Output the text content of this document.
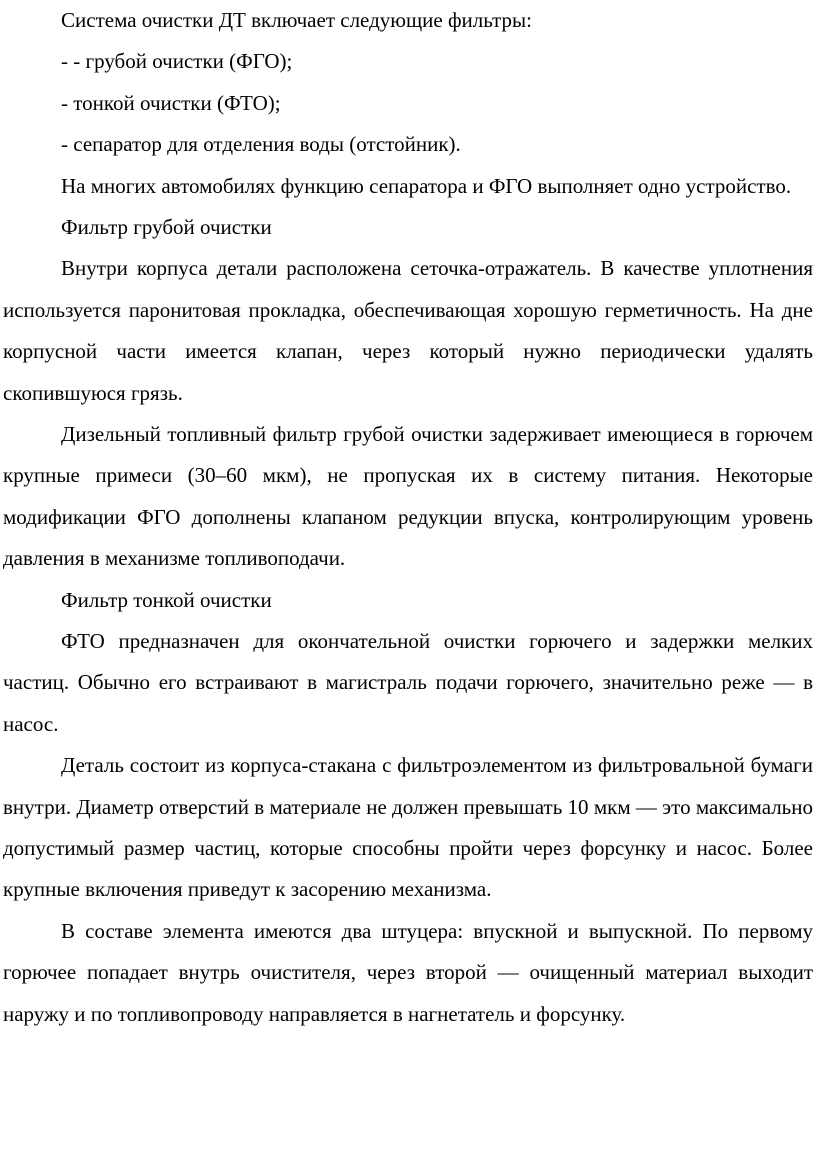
Система очистки ДТ включает следующие фильтры:

- - грубой очистки (ФГО);

- тонкой очистки (ФТО);

- сепаратор для отделения воды (отстойник).

На многих автомобилях функцию сепаратора и ФГО выполняет одно устройство.

Фильтр грубой очистки

Внутри корпуса детали расположена сеточка-отражатель. В качестве уплотнения используется паронитовая прокладка, обеспечивающая хорошую герметичность. На дне корпусной части имеется клапан, через который нужно периодически удалять скопившуюся грязь.

Дизельный топливный фильтр грубой очистки задерживает имеющиеся в горючем крупные примеси (30–60 мкм), не пропуская их в систему питания. Некоторые модификации ФГО дополнены клапаном редукции впуска, контролирующим уровень давления в механизме топливоподачи.

Фильтр тонкой очистки

ФТО предназначен для окончательной очистки горючего и задержки мелких частиц. Обычно его встраивают в магистраль подачи горючего, значительно реже — в насос.

Деталь состоит из корпуса-стакана с фильтроэлементом из фильтровальной бумаги внутри. Диаметр отверстий в материале не должен превышать 10 мкм — это максимально допустимый размер частиц, которые способны пройти через форсунку и насос. Более крупные включения приведут к засорению механизма.

В составе элемента имеются два штуцера: впускной и выпускной. По первому горючее попадает внутрь очистителя, через второй — очищенный материал выходит наружу и по топливопроводу направляется в нагнетатель и форсунку.
